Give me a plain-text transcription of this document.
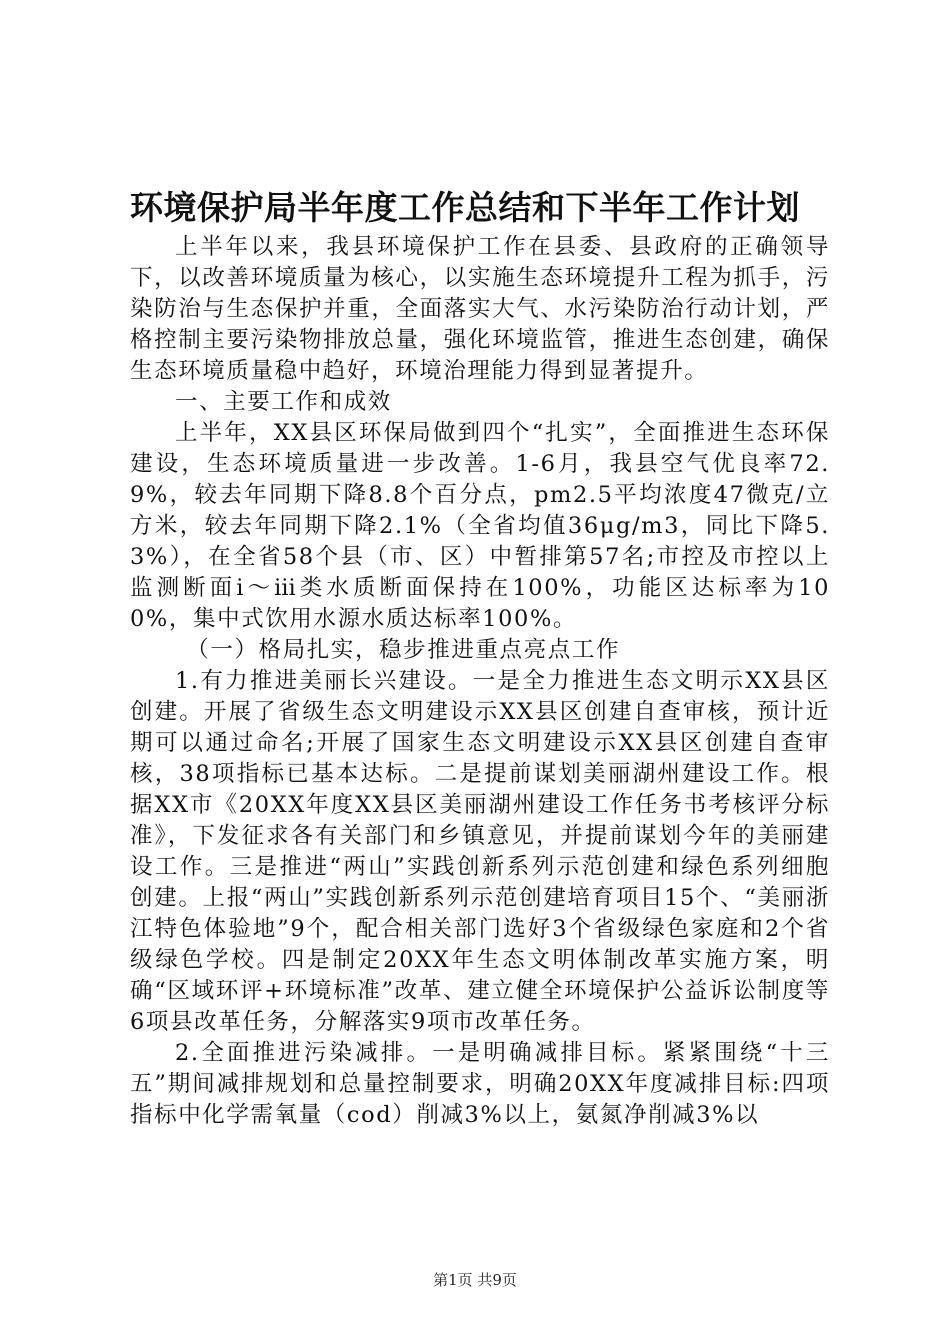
环境保护局半年度工作总结和下半年工作计划

上半年以来，我县环境保护工作在县委、县政府的正确领导下，以改善环境质量为核心，以实施生态环境提升工程为抓手，污染防治与生态保护并重，全面落实大气、水污染防治行动计划，严格控制主要污染物排放总量，强化环境监管，推进生态创建，确保生态环境质量稳中趋好，环境治理能力得到显著提升。

一、主要工作和成效

上半年，XX县区环保局做到四个“扎实”，全面推进生态环保建设，生态环境质量进一步改善。1-6月，我县空气优良率72.9%，较去年同期下降8.8个百分点，pm2.5平均浓度47微克/立方米，较去年同期下降2.1%（全省均值36μg/m3，同比下降5.3%），在全省58个县（市、区）中暂排第57名;市控及市控以上监测断面ⅰ～ⅲ类水质断面保持在100%，功能区达标率为100%，集中式饮用水源水质达标率100%。

（一）格局扎实，稳步推进重点亮点工作

1.有力推进美丽长兴建设。一是全力推进生态文明示XX县区创建。开展了省级生态文明建设示XX县区创建自查审核，预计近期可以通过命名;开展了国家生态文明建设示XX县区创建自查审核，38项指标已基本达标。二是提前谋划美丽湖州建设工作。根据XX市《20XX年度XX县区美丽湖州建设工作任务书考核评分标准》，下发征求各有关部门和乡镇意见，并提前谋划今年的美丽建设工作。三是推进“两山”实践创新系列示范创建和绿色系列细胞创建。上报“两山”实践创新系列示范创建培育项目15个、“美丽浙江特色体验地”9个，配合相关部门选好3个省级绿色家庭和2个省级绿色学校。四是制定20XX年生态文明体制改革实施方案，明确“区域环评+环境标准”改革、建立健全环境保护公益诉讼制度等6项县改革任务，分解落实9项市改革任务。

2.全面推进污染减排。一是明确减排目标。紧紧围绕“十三五”期间减排规划和总量控制要求，明确20XX年度减排目标:四项指标中化学需氧量（cod）削减3%以上，氨氮净削减3%以

第1页 共9页
